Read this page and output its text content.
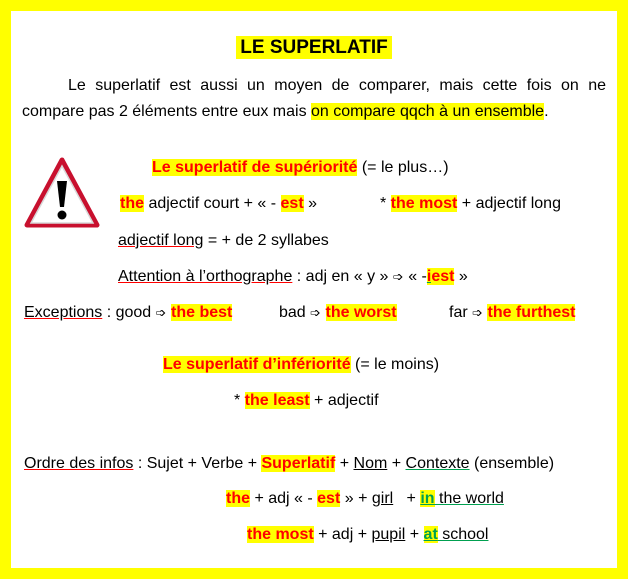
LE SUPERLATIF
Le superlatif est aussi un moyen de comparer, mais cette fois on ne compare pas 2 éléments entre eux mais on compare qqch à un ensemble.
Le superlatif de supériorité (= le plus…)
the adjectif court + « - est »	* the most + adjectif long
adjectif long = + de 2 syllabes
Attention à l’orthographe : adj en « y » ➩ « -iest »
Exceptions : good ➩ the best	bad ➩ the worst	far ➩ the furthest
Le superlatif d’infériorité (= le moins)
* the least + adjectif
Ordre des infos : Sujet + Verbe + Superlatif + Nom + Contexte (ensemble)
the + adj « - est » + girl   + in the world
the most + adj + pupil + at school
